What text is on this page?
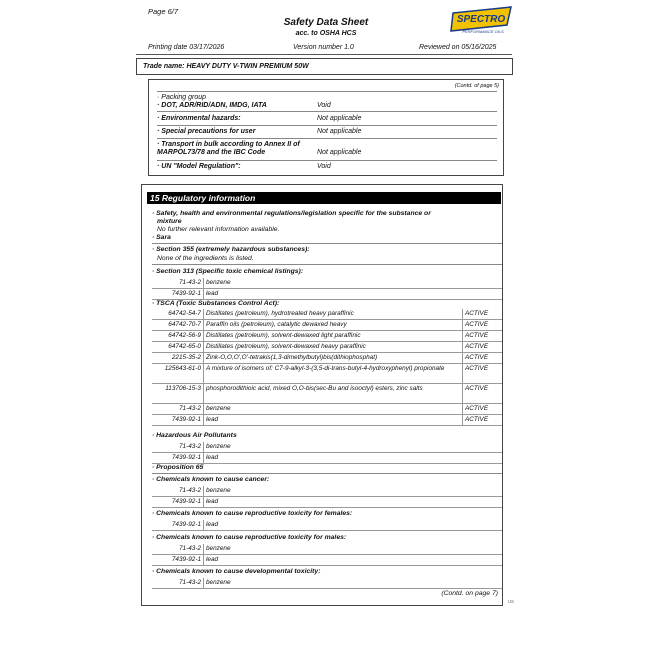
Page 6/7
Safety Data Sheet
acc. to OSHA HCS
SPECTRO
PERFORMANCE OILS
Printing date 03/17/2026	Version number 1.0	Reviewed on 05/16/2025
Trade name: HEAVY DUTY V-TWIN PREMIUM 50W
(Contd. of page 5)
· Packing group
· DOT, ADR/RID/ADN, IMDG, IATA	Void
· Environmental hazards:	Not applicable
· Special precautions for user	Not applicable
· Transport in bulk according to Annex II of
MARPOL73/78 and the IBC Code	Not applicable
· UN "Model Regulation":	Void
15 Regulatory information
· Safety, health and environmental regulations/legislation specific for the substance or
mixture
No further relevant information available.
· Sara
· Section 355 (extremely hazardous substances):
None of the ingredients is listed.
· Section 313 (Specific toxic chemical listings):
71-43-2 benzene
7439-92-1 lead
· TSCA (Toxic Substances Control Act):
64742-54-7 Distillates (petroleum), hydrotreated heavy paraffinic	ACTIVE
64742-70-7 Paraffin oils (petroleum), catalytic dewaxed heavy	ACTIVE
64742-56-9 Distillates (petroleum), solvent-dewaxed light paraffinic	ACTIVE
64742-65-0 Distillates (petroleum), solvent-dewaxed heavy paraffinic	ACTIVE
2215-35-2 Zink-O,O,O',O'-tetrakis(1,3-dimethylbutyl)bis(dithiophosphat)	ACTIVE
125643-61-0 A mixture of isomers of: C7-9-alkyl-3-(3,5-di-trans-butyl-4-hydroxyphenyl) propionate	ACTIVE
113706-15-3 phosphorodithioic acid, mixed O,O-bis(sec-Bu and isooctyl) esters, zinc salts	ACTIVE
71-43-2 benzene	ACTIVE
7439-92-1 lead	ACTIVE
· Hazardous Air Pollutants
71-43-2 benzene
7439-92-1 lead
· Proposition 65
· Chemicals known to cause cancer:
71-43-2 benzene
7439-92-1 lead
· Chemicals known to cause reproductive toxicity for females:
7439-92-1 lead
· Chemicals known to cause reproductive toxicity for males:
71-43-2 benzene
7439-92-1 lead
· Chemicals known to cause developmental toxicity:
71-43-2 benzene
(Contd. on page 7)
US
